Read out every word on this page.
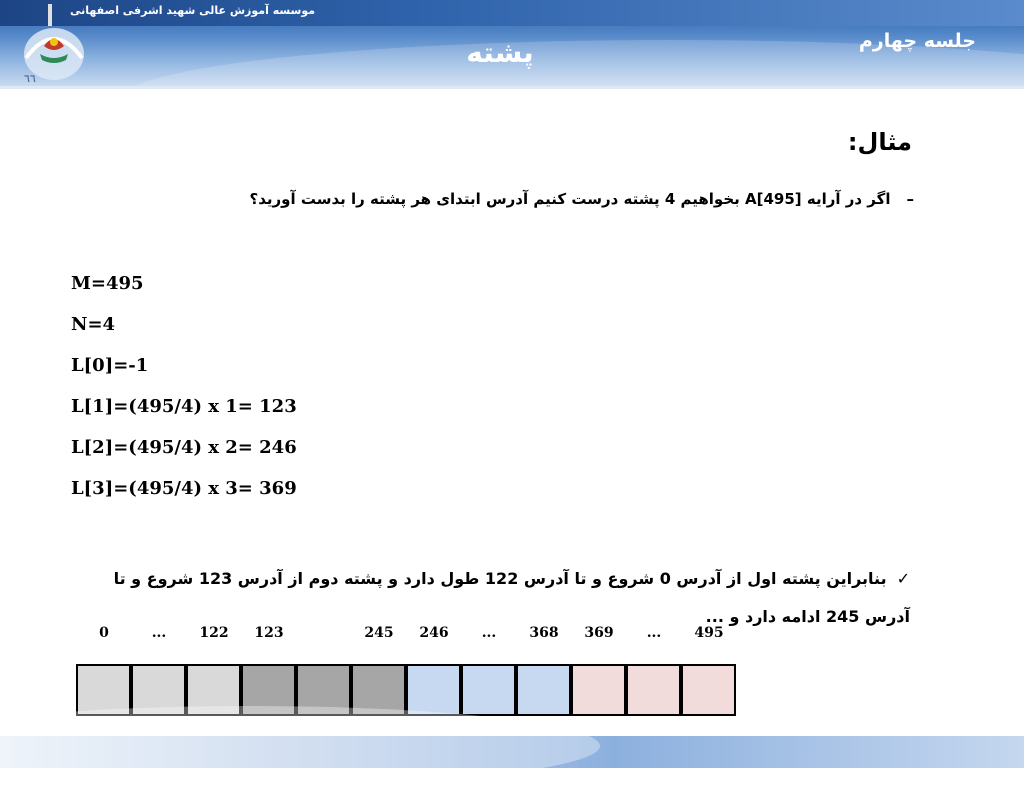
٦٦
موسسه آموزش عالی شهید اشرفی اصفهانی
پشته	جلسه چهارم
مثال:
–اگر در آرایه A[495] بخواهیم 4 پشته درست کنیم آدرس ابتدای هر پشته را بدست آورید؟
M=495
N=4
L[0]=-1
L[1]=(495/4) x 1= 123
L[2]=(495/4) x 2= 246
L[3]=(495/4) x 3= 369
✓بنابراین پشته اول از آدرس 0 شروع و تا آدرس 122 طول دارد و پشته دوم از آدرس 123 شروع و تا آدرس 245 ادامه دارد و ...
0	...	122	123	245	246	...	368	369	...	495
